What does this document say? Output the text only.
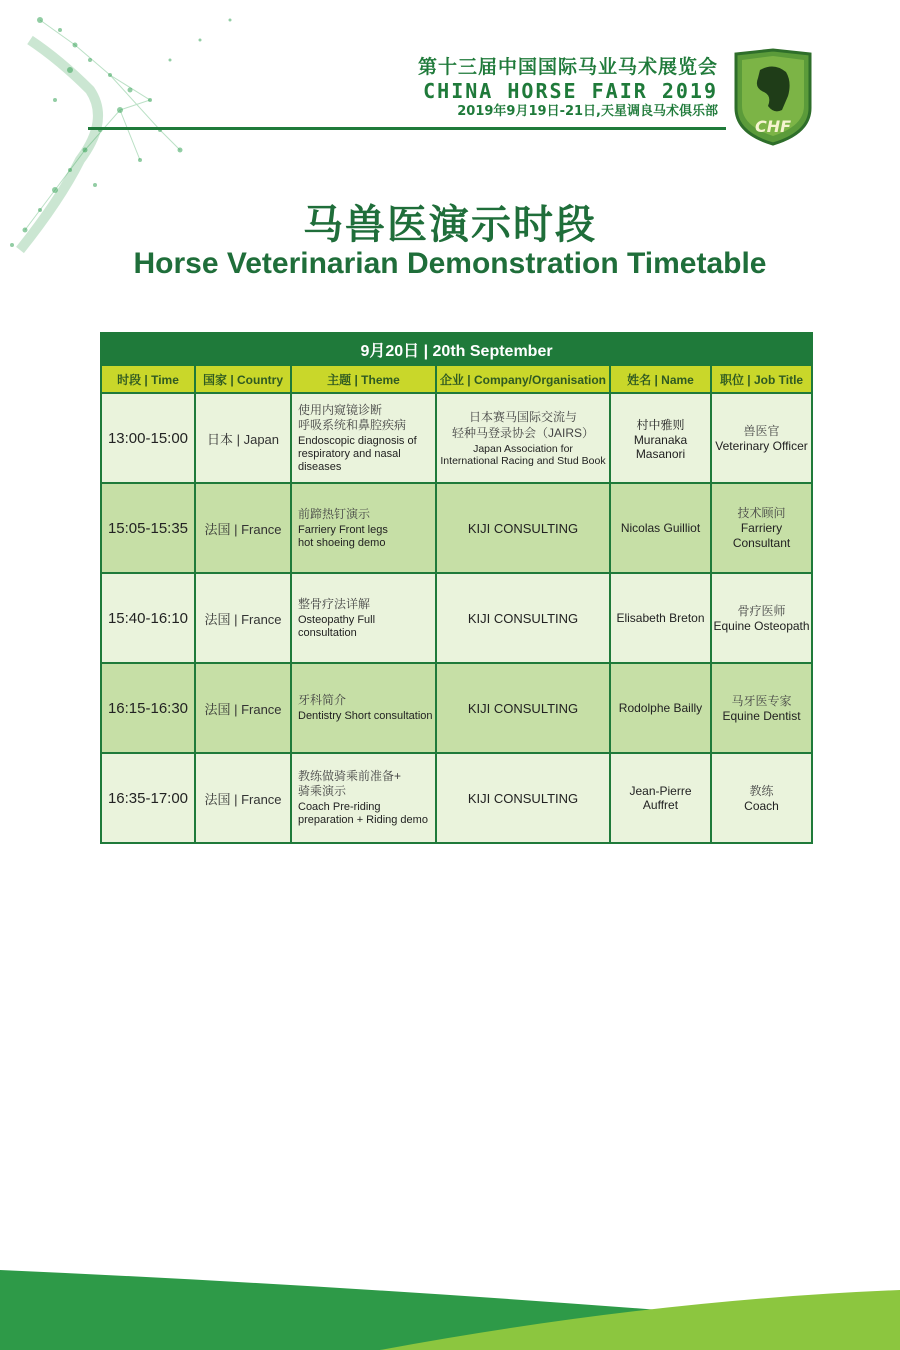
第十三届中国国际马业马术展览会
CHINA HORSE FAIR 2019
2019年9月19日-21日,天星调良马术俱乐部
CHF
马兽医演示时段
Horse Veterinarian Demonstration Timetable
9月20日 | 20th September					
时段 | Time	国家 | Country	主题 | Theme	企业 | Company/Organisation	姓名 | Name	职位 | Job Title
13:00-15:00	日本 | Japan	使用内窥镜诊断
呼吸系统和鼻腔疾病
Endoscopic diagnosis of
respiratory and nasal diseases	日本赛马国际交流与
轻种马登录协会（JAIRS）
Japan Association for
International Racing and Stud Book	村中雅则
Muranaka Masanori	兽医官
Veterinary Officer

15:05-15:35	法国 | France	前蹄热钉演示
Farriery Front legs
hot shoeing demo	KIJI CONSULTING	Nicolas Guilliot	技术顾问
Farriery Consultant

15:40-16:10	法国 | France	整骨疗法详解
Osteopathy Full consultation	KIJI CONSULTING	Elisabeth Breton	骨疗医师
Equine Osteopath

16:15-16:30	法国 | France	牙科简介
Dentistry Short consultation	KIJI CONSULTING	Rodolphe Bailly	马牙医专家
Equine Dentist

16:35-17:00	法国 | France	教练做骑乘前准备+
骑乘演示
Coach Pre-riding
preparation + Riding demo	KIJI CONSULTING	Jean-Pierre Auffret	教练
Coach
